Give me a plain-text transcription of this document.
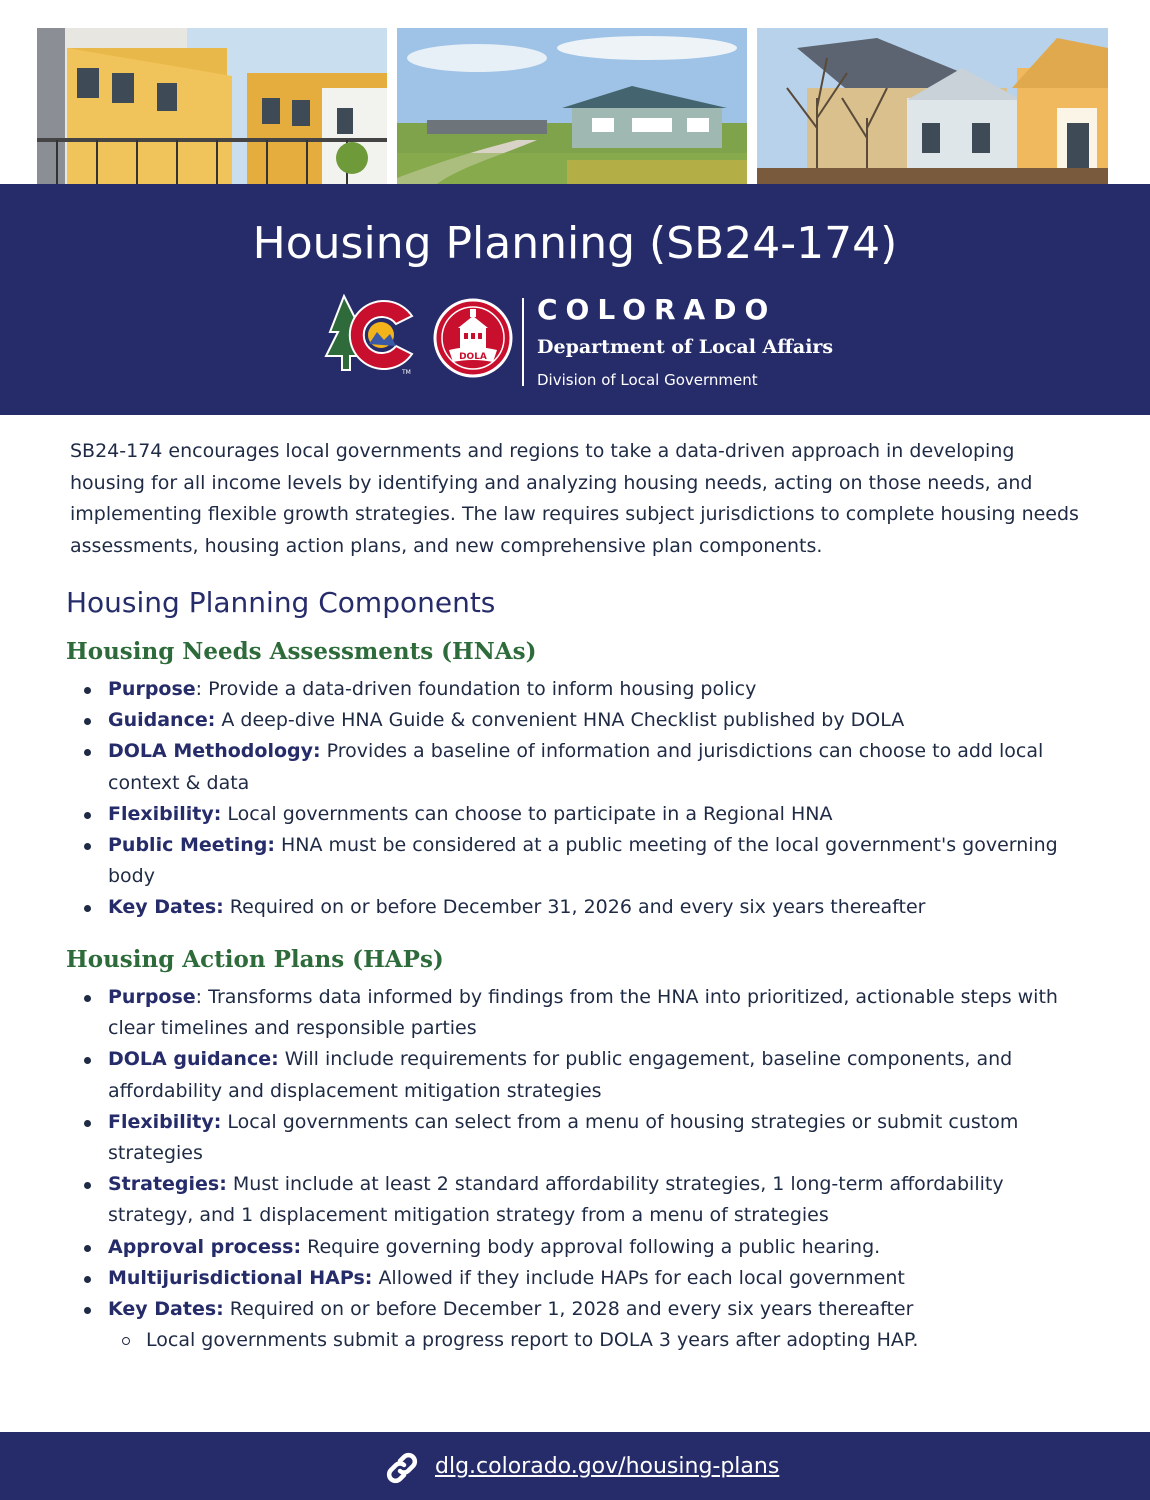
Housing Planning (SB24-174)
TM
DOLA
COLORADO
Department of Local Affairs
Division of Local Government

SB24-174 encourages local governments and regions to take a data-driven approach in developing housing for all income levels by identifying and analyzing housing needs, acting on those needs, and implementing flexible growth strategies. The law requires subject jurisdictions to complete housing needs assessments, housing action plans, and new comprehensive plan components.

Housing Planning Components
Housing Needs Assessments (HNAs)
Purpose: Provide a data-driven foundation to inform housing policy
Guidance: A deep-dive HNA Guide & convenient HNA Checklist published by DOLA
DOLA Methodology: Provides a baseline of information and jurisdictions can choose to add local context & data
Flexibility: Local governments can choose to participate in a Regional HNA
Public Meeting: HNA must be considered at a public meeting of the local government's governing body
Key Dates: Required on or before December 31, 2026 and every six years thereafter
Housing Action Plans (HAPs)
Purpose: Transforms data informed by findings from the HNA into prioritized, actionable steps with clear timelines and responsible parties
DOLA guidance: Will include requirements for public engagement, baseline components, and affordability and displacement mitigation strategies
Flexibility: Local governments can select from a menu of housing strategies or submit custom strategies
Strategies: Must include at least 2 standard affordability strategies, 1 long-term affordability strategy, and 1 displacement mitigation strategy from a menu of strategies
Approval process: Require governing body approval following a public hearing.
Multijurisdictional HAPs: Allowed if they include HAPs for each local government
Key Dates: Required on or before December 1, 2028 and every six years thereafter
Local governments submit a progress report to DOLA 3 years after adopting HAP.
dlg.colorado.gov/housing-plans
